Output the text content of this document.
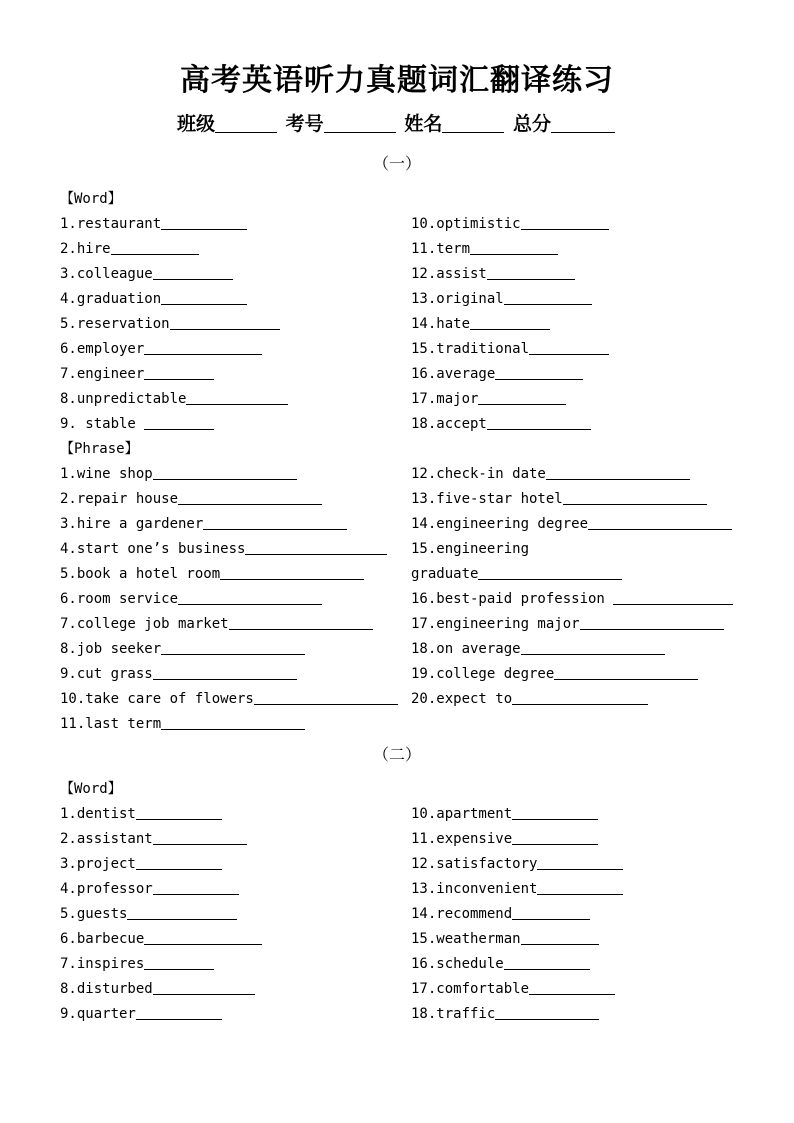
高考英语听力真题词汇翻译练习
班级	考号	姓名	总分
（一）
【Word】
1.restaurant
2.hire
3.colleague
4.graduation
5.reservation
6.employer
7.engineer
8.unpredictable
9. stable
10.optimistic
11.term
12.assist
13.original
14.hate
15.traditional
16.average
17.major
18.accept
【Phrase】
1.wine shop
2.repair house
3.hire a gardener
4.start one’s business
5.book a hotel room
6.room service
7.college job market
8.job seeker
9.cut grass
10.take care of flowers
11.last term
12.check-in date
13.five-star hotel
14.engineering degree
15.engineering
graduate
16.best-paid profession
17.engineering major
18.on average
19.college degree
20.expect to
（二）
【Word】
1.dentist
2.assistant
3.project
4.professor
5.guests
6.barbecue
7.inspires
8.disturbed
9.quarter
10.apartment
11.expensive
12.satisfactory
13.inconvenient
14.recommend
15.weatherman
16.schedule
17.comfortable
18.traffic
